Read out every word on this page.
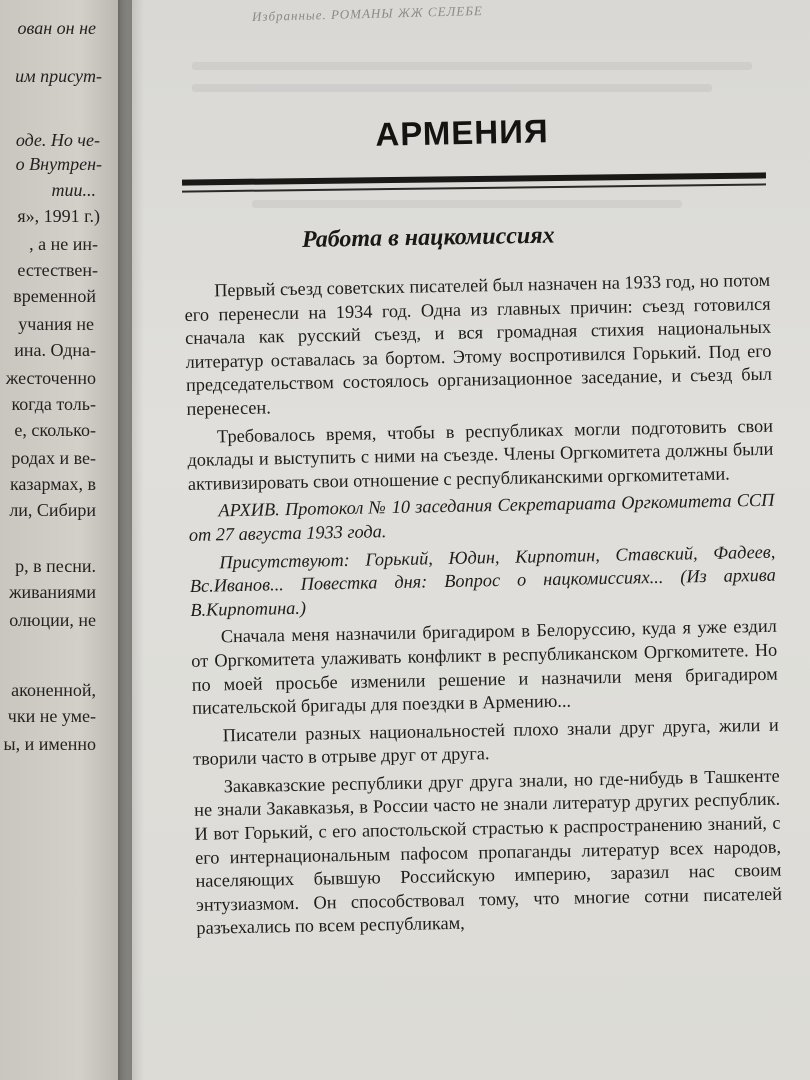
ован он не
им присут-
оде. Но че-
о Внутрен-
тии...
я», 1991 г.)
, а не ин-
естествен-
временной
учания не
ина. Одна-
жесточенно
когда толь-
е, сколько-
родах и ве-
казармах, в
ли, Сибири
р, в песни.
живаниями
олюции, не
аконенной,
чки не уме-
ы, и именно
Избранные. РОМАНЫ ЖЖ СЕЛЕБЕ
АРМЕНИЯ
Работа в нацкомиссиях

Первый съезд советских писателей был назначен на 1933 год, но потом его перенесли на 1934 год. Одна из главных причин: съезд готовился сначала как русский съезд, и вся громадная стихия национальных литератур оставалась за бортом. Этому воспротивился Горький. Под его председательством состоялось организационное заседание, и съезд был перенесен.

Требовалось время, чтобы в республиках могли подготовить свои доклады и выступить с ними на съезде. Члены Оргкомитета должны были активизировать свои отношение с республиканскими оргкомитетами.

АРХИВ. Протокол № 10 заседания Секретариата Оргкомитета ССП от 27 августа 1933 года.

Присутствуют: Горький, Юдин, Кирпотин, Ставский, Фадеев, Вс.Иванов... Повестка дня: Вопрос о нацкомиссиях... (Из архива В.Кирпотина.)

Сначала меня назначили бригадиром в Белоруссию, куда я уже ездил от Оргкомитета улаживать конфликт в республиканском Оргкомитете. Но по моей просьбе изменили решение и назначили меня бригадиром писательской бригады для поездки в Армению...

Писатели разных национальностей плохо знали друг друга, жили и творили часто в отрыве друг от друга.

Закавказские республики друг друга знали, но где-нибудь в Ташкенте не знали Закавказья, в России часто не знали литератур других республик. И вот Горький, с его апостольской страстью к распространению знаний, с его интернациональным пафосом пропаганды литератур всех народов, населяющих бывшую Российскую империю, заразил нас своим энтузиазмом. Он способствовал тому, что многие сотни писателей разъехались по всем республикам,
